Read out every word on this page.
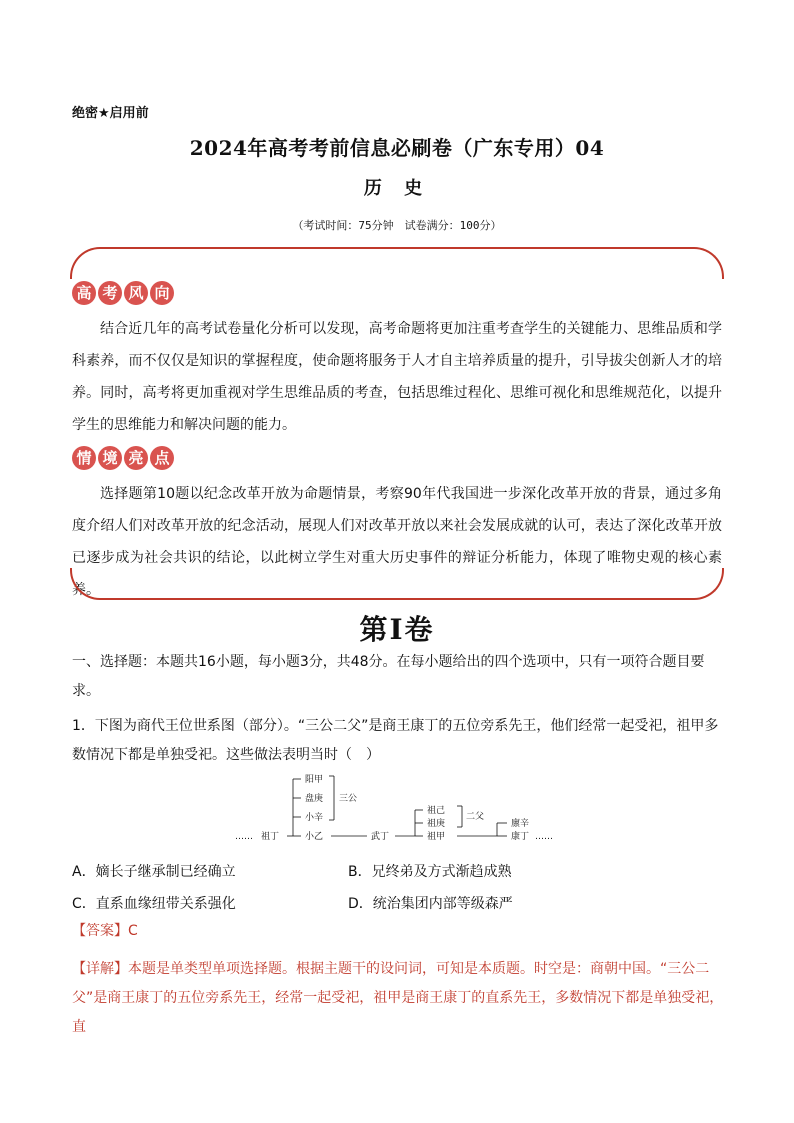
绝密★启用前
2024年高考考前信息必刷卷（广东专用）04
历 史
（考试时间：75分钟　试卷满分：100分）
高 考 风 向
结合近几年的高考试卷量化分析可以发现，高考命题将更加注重考查学生的关键能力、思维品质和学科素养，而不仅仅是知识的掌握程度，使命题将服务于人才自主培养质量的提升，引导拔尖创新人才的培养。同时，高考将更加重视对学生思维品质的考查，包括思维过程化、思维可视化和思维规范化，以提升学生的思维能力和解决问题的能力。
情 境 亮 点
选择题第10题以纪念改革开放为命题情景，考察90年代我国进一步深化改革开放的背景，通过多角度介绍人们对改革开放的纪念活动，展现人们对改革开放以来社会发展成就的认可，表达了深化改革开放已逐步成为社会共识的结论，以此树立学生对重大历史事件的辩证分析能力，体现了唯物史观的核心素养。
第I卷
一、选择题：本题共16小题，每小题3分，共48分。在每小题给出的四个选项中，只有一项符合题目要求。
1．下图为商代王位世系图（部分）。“三公二父”是商王康丁的五位旁系先王，他们经常一起受祀，祖甲多数情况下都是单独受祀。这些做法表明当时（　）
阳甲
盘庚
小辛
小乙
祖丁
……
三公
武丁
祖己
祖庚
祖甲
二父
廪辛
康丁 ……
A．嫡长子继承制已经确立	B．兄终弟及方式渐趋成熟
C．直系血缘纽带关系强化	D．统治集团内部等级森严
【答案】C
【详解】本题是单类型单项选择题。根据主题干的设问词，可知是本质题。时空是：商朝中国。“三公二父”是商王康丁的五位旁系先王，经常一起受祀，祖甲是商王康丁的直系先王，多数情况下都是单独受祀，直
